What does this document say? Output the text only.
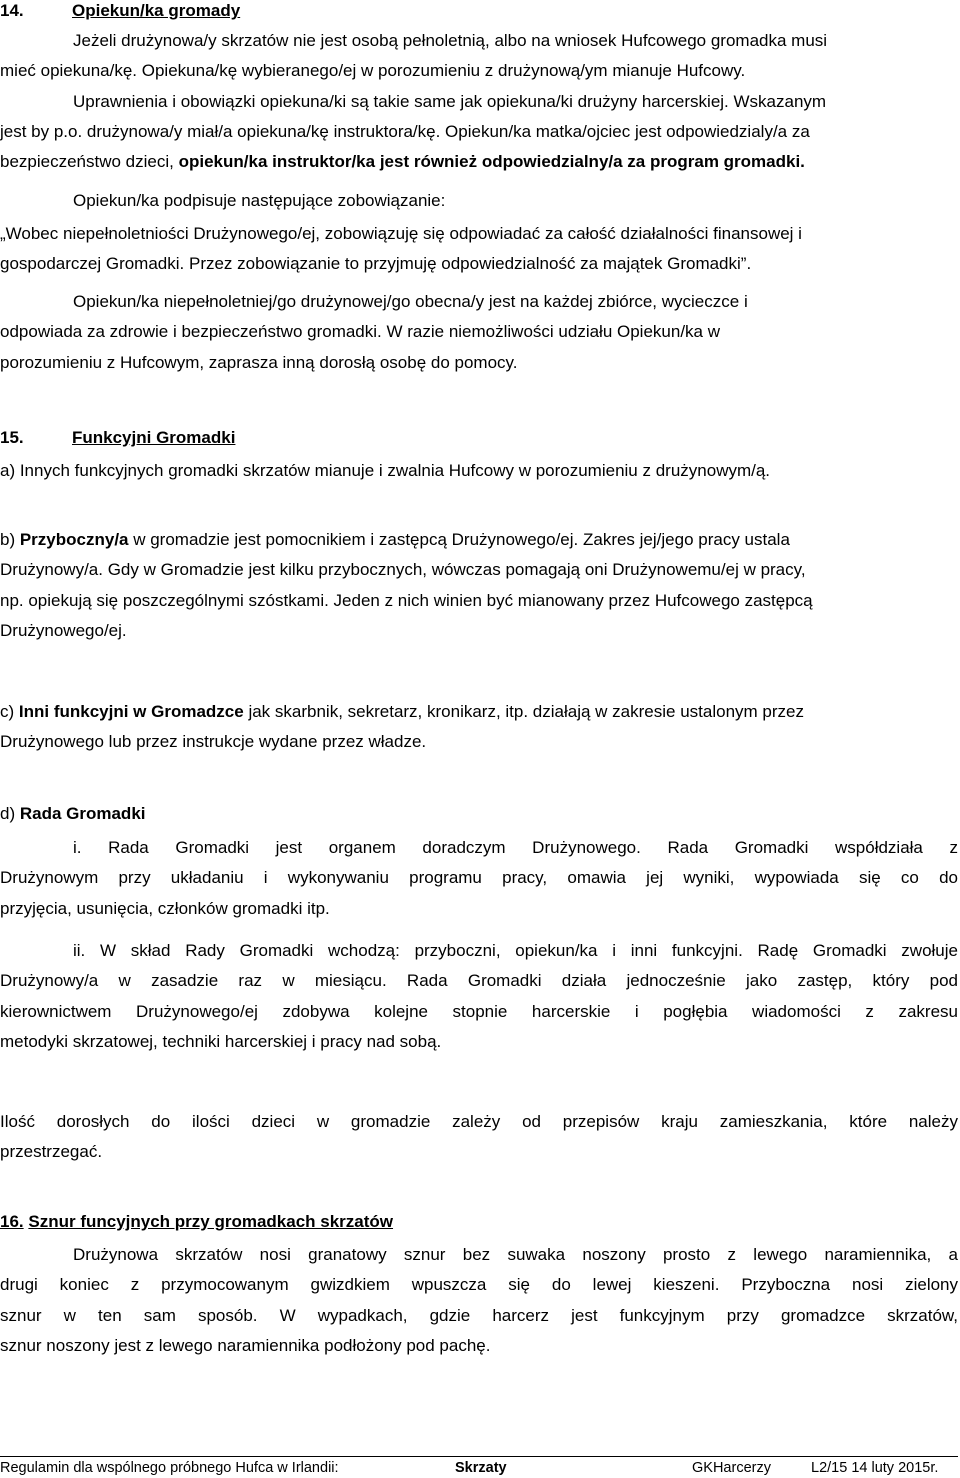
14.	Opiekun/ka gromady
Jeżeli drużynowa/y skrzatów nie jest osobą pełnoletnią, albo na wniosek Hufcowego gromadka musi
mieć opiekuna/kę. Opiekuna/kę wybieranego/ej w porozumieniu z drużynową/ym mianuje Hufcowy.
Uprawnienia i obowiązki opiekuna/ki są takie same jak opiekuna/ki drużyny harcerskiej. Wskazanym
jest by p.o. drużynowa/y miał/a opiekuna/kę instruktora/kę. Opiekun/ka matka/ojciec jest odpowiedzialy/a za
bezpieczeństwo dzieci, opiekun/ka instruktor/ka jest również odpowiedzialny/a za program gromadki.
Opiekun/ka podpisuje następujące zobowiązanie:
„Wobec niepełnoletniości Drużynowego/ej, zobowiązuję się odpowiadać za całość działalności finansowej i
gospodarczej Gromadki. Przez zobowiązanie to przyjmuję odpowiedzialność za majątek Gromadki”.
Opiekun/ka niepełnoletniej/go drużynowej/go obecna/y jest na każdej zbiórce, wycieczce i
odpowiada za zdrowie i bezpieczeństwo gromadki. W razie niemożliwości udziału Opiekun/ka w
porozumieniu z Hufcowym, zaprasza inną dorosłą osobę do pomocy.
15.	Funkcyjni Gromadki
a) Innych funkcyjnych gromadki skrzatów mianuje i zwalnia Hufcowy w porozumieniu z drużynowym/ą.
b) Przyboczny/a w gromadzie jest pomocnikiem i zastępcą Drużynowego/ej. Zakres jej/jego pracy ustala
Drużynowy/a. Gdy w Gromadzie jest kilku przybocznych, wówczas pomagają oni Drużynowemu/ej w pracy,
np. opiekują się poszczególnymi szóstkami. Jeden z nich winien być mianowany przez Hufcowego zastępcą
Drużynowego/ej.
c) Inni funkcyjni w Gromadzce jak skarbnik, sekretarz, kronikarz, itp. działają w zakresie ustalonym przez
Drużynowego lub przez instrukcje wydane przez władze.
d) Rada Gromadki
i. Rada Gromadki jest organem doradczym Drużynowego. Rada Gromadki współdziała z
Drużynowym przy układaniu i wykonywaniu programu pracy, omawia jej wyniki, wypowiada się co do
przyjęcia, usunięcia, członków gromadki itp.
ii. W skład Rady Gromadki wchodzą: przyboczni, opiekun/ka i inni funkcyjni. Radę Gromadki zwołuje
Drużynowy/a w zasadzie raz w miesiącu. Rada Gromadki działa jednocześnie jako zastęp, który pod
kierownictwem Drużynowego/ej zdobywa kolejne stopnie harcerskie i pogłębia wiadomości z zakresu
metodyki skrzatowej, techniki harcerskiej i pracy nad sobą.
Ilość dorosłych do ilości dzieci w gromadzie zależy od przepisów kraju zamieszkania, które należy
przestrzegać.
16. Sznur funcyjnych przy gromadkach skrzatów
Drużynowa skrzatów nosi granatowy sznur bez suwaka noszony prosto z lewego naramiennika, a
drugi koniec z przymocowanym gwizdkiem wpuszcza się do lewej kieszeni. Przyboczna nosi zielony
sznur w ten sam sposób. W wypadkach, gdzie harcerz jest funkcyjnym przy gromadzce skrzatów,
sznur noszony jest z lewego naramiennika podłożony pod pachę.
Regulamin dla wspólnego próbnego Hufca w Irlandii:	Skrzaty	GKHarcerzy	L2/15 14 luty 2015r.
